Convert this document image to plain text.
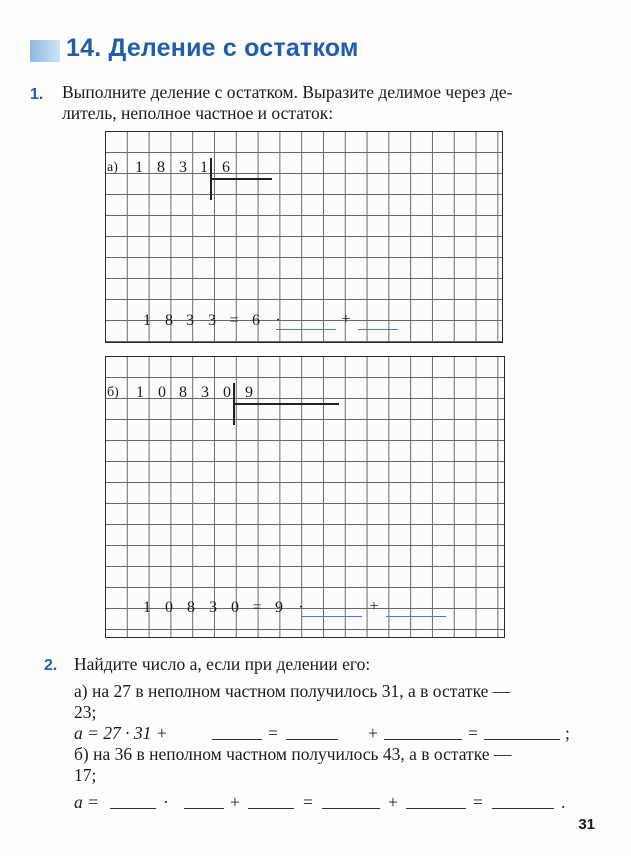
14. Деление с остатком
1. Выполните деление с остатком. Выразите делимое через де-
литель, неполное частное и остаток:
а)	1 8 3 1 6
1 8 3 3 = 6 ·	+
б)	1 0 8 3 0 9
1 0 8 3 0 = 9 ·	+
2. Найдите число a, если при делении его:
а) на 27 в неполном частном получилось 31, а в остатке —
23;
a = 27 · 31 +	=	+	=	;
б) на 36 в неполном частном получилось 43, а в остатке —
17;
a =	·	+	=	+	=	.
31
